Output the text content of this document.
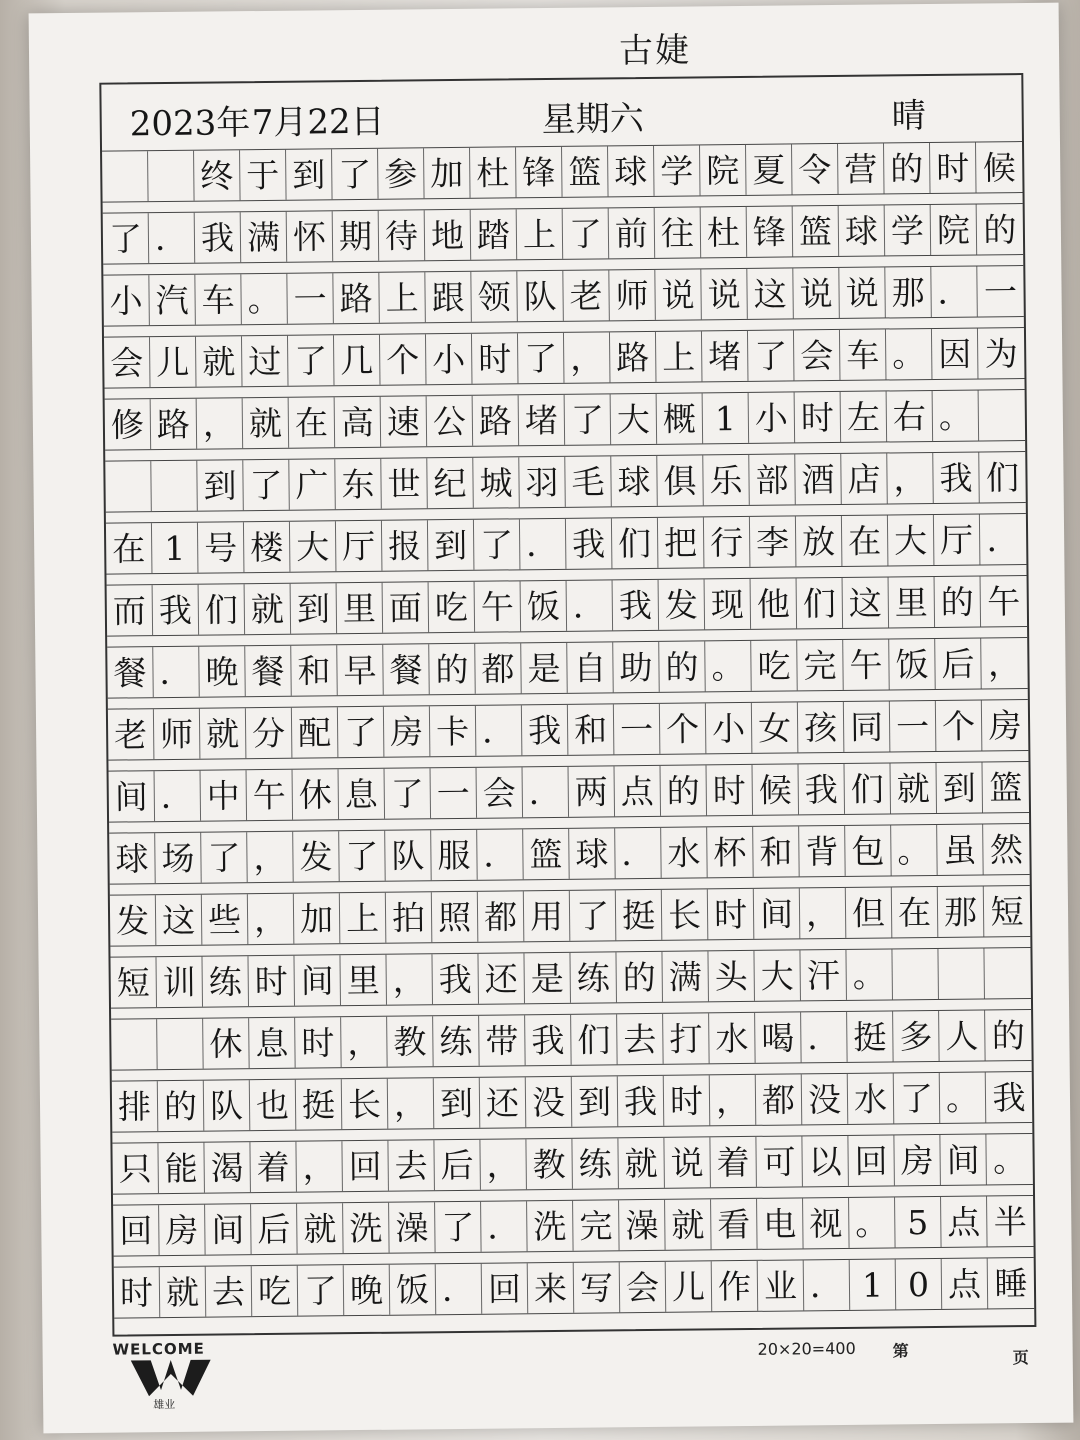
古婕
2023年 7月22日	星期六	晴
终 于 到 了 参 加 杜 锋 篮 球 学 院 夏 令 营 的 时 候
了 ． 我 满 怀 期 待 地 踏 上 了 前 往 杜 锋 篮 球 学 院 的
小 汽 车 。 一 路 上 跟 领 队 老 师 说 说 这 说 说 那 ． 一
会 儿 就 过 了 几 个 小 时 了 ， 路 上 堵 了 会 车 。 因 为
修 路 ， 就 在 高 速 公 路 堵 了 大 概 1 小 时 左 右 。
到 了 广 东 世 纪 城 羽 毛 球 俱 乐 部 酒 店 ， 我 们
在 1 号 楼 大 厅 报 到 了 ． 我 们 把 行 李 放 在 大 厅 ．
而 我 们 就 到 里 面 吃 午 饭 ． 我 发 现 他 们 这 里 的 午
餐 ． 晚 餐 和 早 餐 的 都 是 自 助 的 。 吃 完 午 饭 后 ，
老 师 就 分 配 了 房 卡 ． 我 和 一 个 小 女 孩 同 一 个 房
间 ． 中 午 休 息 了 一 会 ． 两 点 的 时 候 我 们 就 到 篮
球 场 了 ， 发 了 队 服 ． 篮 球 ． 水 杯 和 背 包 。 虽 然
发 这 些 ， 加 上 拍 照 都 用 了 挺 长 时 间 ， 但 在 那 短
短 训 练 时 间 里 ， 我 还 是 练 的 满 头 大 汗 。
休 息 时 ， 教 练 带 我 们 去 打 水 喝 ． 挺 多 人 的
排 的 队 也 挺 长 ， 到 还 没 到 我 时 ， 都 没 水 了 。 我
只 能 渴 着 ， 回 去 后 ， 教 练 就 说 着 可 以 回 房 间 。
回 房 间 后 就 洗 澡 了 ． 洗 完 澡 就 看 电 视 。 5 点 半
时 就 去 吃 了 晚 饭 ． 回 来 写 会 儿 作 业 ． 1 0 点 睡
WELCOME
雄业
20×20=400 第	页
